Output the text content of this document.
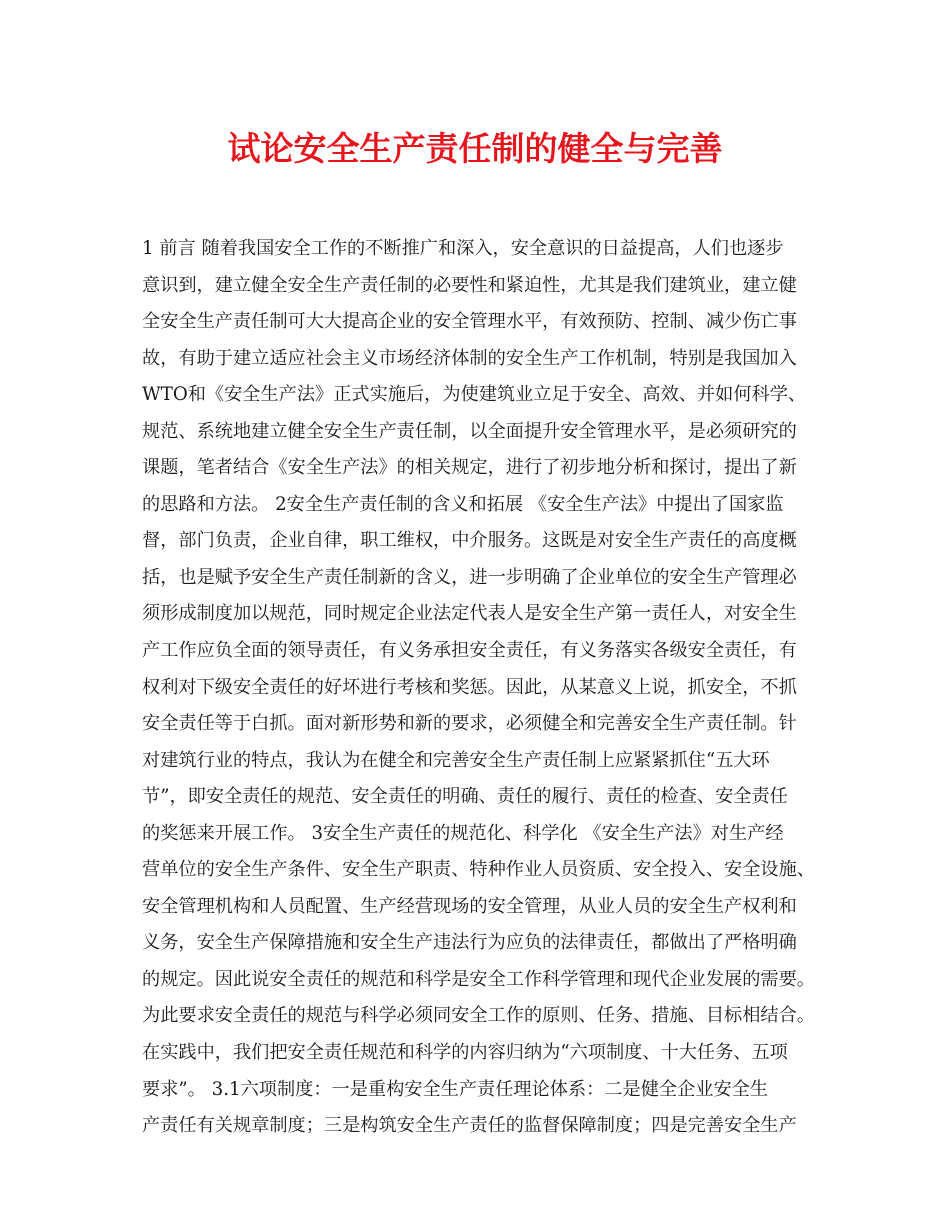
试论安全生产责任制的健全与完善
1 前言 随着我国安全工作的不断推广和深入，安全意识的日益提高，人们也逐步
意识到，建立健全安全生产责任制的必要性和紧迫性，尤其是我们建筑业，建立健
全安全生产责任制可大大提高企业的安全管理水平，有效预防、控制、减少伤亡事
故，有助于建立适应社会主义市场经济体制的安全生产工作机制，特别是我国加入
WTO和《安全生产法》正式实施后，为使建筑业立足于安全、高效、并如何科学、
规范、系统地建立健全安全生产责任制，以全面提升安全管理水平，是必须研究的
课题，笔者结合《安全生产法》的相关规定，进行了初步地分析和探讨，提出了新
的思路和方法。 2安全生产责任制的含义和拓展 《安全生产法》中提出了国家监
督，部门负责，企业自律，职工维权，中介服务。这既是对安全生产责任的高度概
括，也是赋予安全生产责任制新的含义，进一步明确了企业单位的安全生产管理必
须形成制度加以规范，同时规定企业法定代表人是安全生产第一责任人，对安全生
产工作应负全面的领导责任，有义务承担安全责任，有义务落实各级安全责任，有
权利对下级安全责任的好坏进行考核和奖惩。因此，从某意义上说，抓安全，不抓
安全责任等于白抓。面对新形势和新的要求，必须健全和完善安全生产责任制。针
对建筑行业的特点，我认为在健全和完善安全生产责任制上应紧紧抓住“五大环
节”，即安全责任的规范、安全责任的明确、责任的履行、责任的检查、安全责任
的奖惩来开展工作。 3安全生产责任的规范化、科学化 《安全生产法》对生产经
营单位的安全生产条件、安全生产职责、特种作业人员资质、安全投入、安全设施、
安全管理机构和人员配置、生产经营现场的安全管理，从业人员的安全生产权利和
义务，安全生产保障措施和安全生产违法行为应负的法律责任，都做出了严格明确
的规定。因此说安全责任的规范和科学是安全工作科学管理和现代企业发展的需要。
为此要求安全责任的规范与科学必须同安全工作的原则、任务、措施、目标相结合。
在实践中，我们把安全责任规范和科学的内容归纳为“六项制度、十大任务、五项
要求”。 3.1六项制度：一是重构安全生产责任理论体系：二是健全企业安全生
产责任有关规章制度；三是构筑安全生产责任的监督保障制度；四是完善安全生产
